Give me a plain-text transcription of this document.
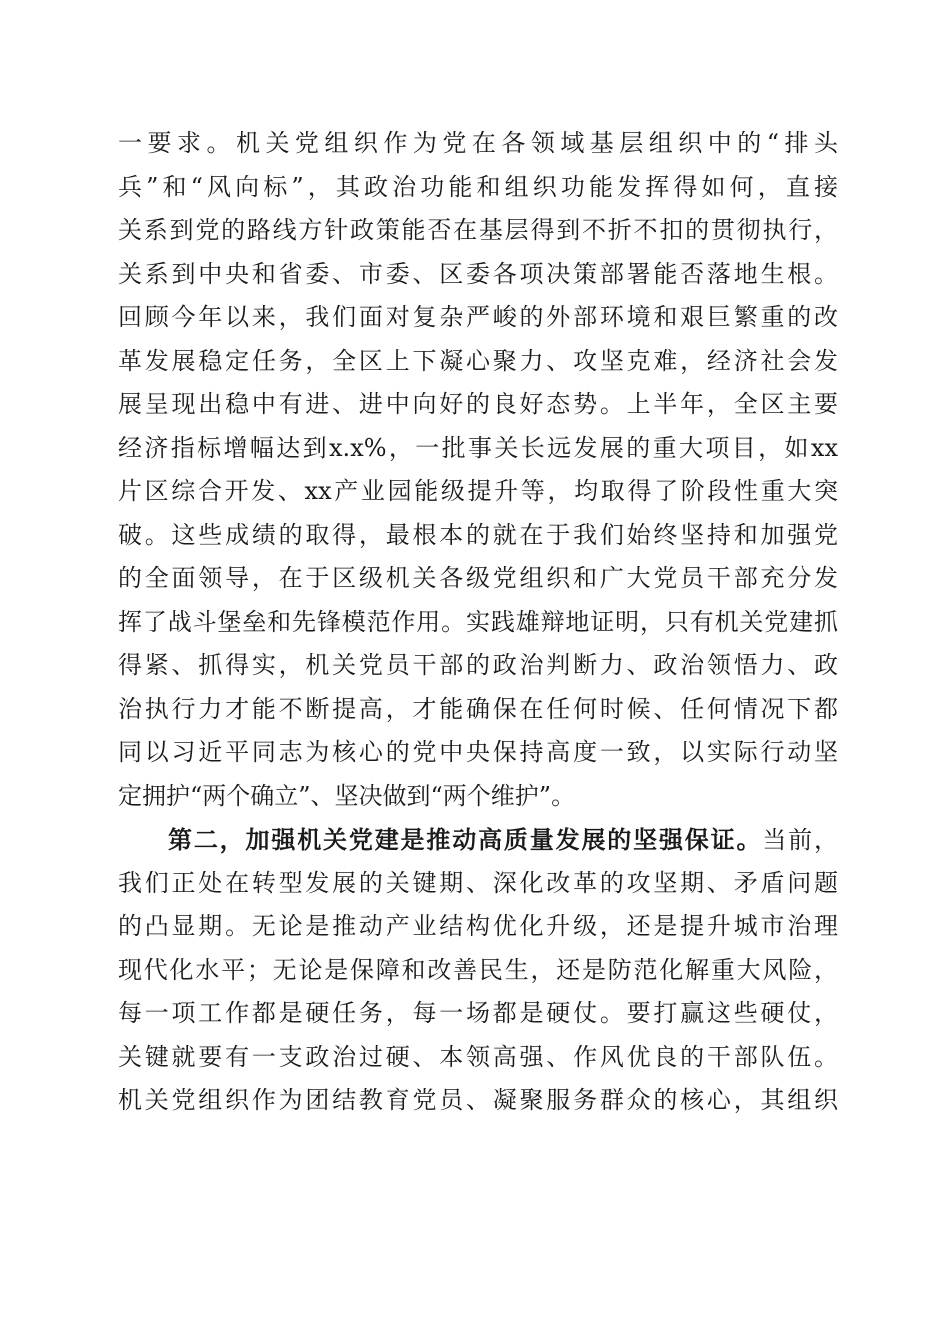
一要求。机关党组织作为党在各领域基层组织中的“排头
兵”和“风向标”，其政治功能和组织功能发挥得如何，直接
关系到党的路线方针政策能否在基层得到不折不扣的贯彻执行，
关系到中央和省委、市委、区委各项决策部署能否落地生根。
回顾今年以来，我们面对复杂严峻的外部环境和艰巨繁重的改
革发展稳定任务，全区上下凝心聚力、攻坚克难，经济社会发
展呈现出稳中有进、进中向好的良好态势。上半年，全区主要
经济指标增幅达到x.x%，一批事关长远发展的重大项目，如xx
片区综合开发、xx产业园能级提升等，均取得了阶段性重大突
破。这些成绩的取得，最根本的就在于我们始终坚持和加强党
的全面领导，在于区级机关各级党组织和广大党员干部充分发
挥了战斗堡垒和先锋模范作用。实践雄辩地证明，只有机关党建抓
得紧、抓得实，机关党员干部的政治判断力、政治领悟力、政
治执行力才能不断提高，才能确保在任何时候、任何情况下都
同以习近平同志为核心的党中央保持高度一致，以实际行动坚
定拥护“两个确立”、坚决做到“两个维护”。
第二，加强机关党建是推动高质量发展的坚强保证。当前，
我们正处在转型发展的关键期、深化改革的攻坚期、矛盾问题
的凸显期。无论是推动产业结构优化升级，还是提升城市治理
现代化水平；无论是保障和改善民生，还是防范化解重大风险，
每一项工作都是硬任务，每一场都是硬仗。要打赢这些硬仗，
关键就要有一支政治过硬、本领高强、作风优良的干部队伍。
机关党组织作为团结教育党员、凝聚服务群众的核心，其组织
